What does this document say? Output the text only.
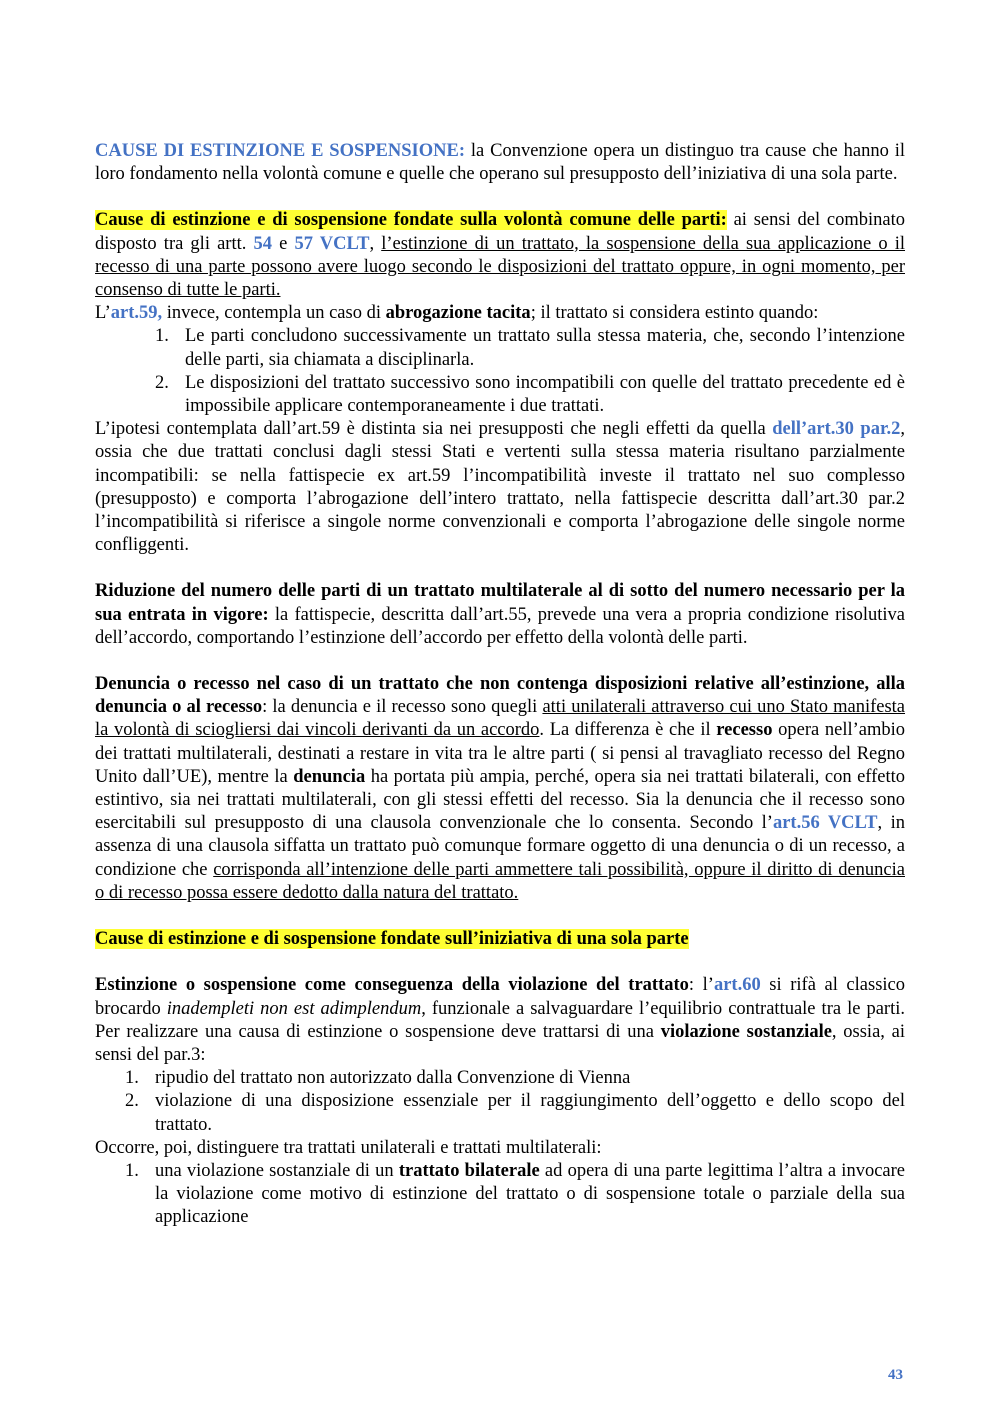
CAUSE DI ESTINZIONE E SOSPENSIONE: la Convenzione opera un distinguo tra cause che hanno il loro fondamento nella volontà comune e quelle che operano sul presupposto dell’iniziativa di una sola parte.

Cause di estinzione e di sospensione fondate sulla volontà comune delle parti: ai sensi del combinato disposto tra gli artt. 54 e 57 VCLT, l’estinzione di un trattato, la sospensione della sua applicazione o il recesso di una parte possono avere luogo secondo le disposizioni del trattato oppure, in ogni momento, per consenso di tutte le parti.

L’art.59, invece, contempla un caso di abrogazione tacita; il trattato si considera estinto quando:

1. Le parti concludono successivamente un trattato sulla stessa materia, che, secondo l’intenzione delle parti, sia chiamata a disciplinarla.
2. Le disposizioni del trattato successivo sono incompatibili con quelle del trattato precedente ed è impossibile applicare contemporaneamente i due trattati.

L’ipotesi contemplata dall’art.59 è distinta sia nei presupposti che negli effetti da quella dell’art.30 par.2, ossia che due trattati conclusi dagli stessi Stati e vertenti sulla stessa materia risultano parzialmente incompatibili: se nella fattispecie ex art.59 l’incompatibilità investe il trattato nel suo complesso (presupposto) e comporta l’abrogazione dell’intero trattato, nella fattispecie descritta dall’art.30 par.2 l’incompatibilità si riferisce a singole norme convenzionali e comporta l’abrogazione delle singole norme confliggenti.

Riduzione del numero delle parti di un trattato multilaterale al di sotto del numero necessario per la sua entrata in vigore: la fattispecie, descritta dall’art.55, prevede una vera a propria condizione risolutiva dell’accordo, comportando l’estinzione dell’accordo per effetto della volontà delle parti.

Denuncia o recesso nel caso di un trattato che non contenga disposizioni relative all’estinzione, alla denuncia o al recesso: la denuncia e il recesso sono quegli atti unilaterali attraverso cui uno Stato manifesta la volontà di sciogliersi dai vincoli derivanti da un accordo. La differenza è che il recesso opera nell’ambio dei trattati multilaterali, destinati a restare in vita tra le altre parti ( si pensi al travagliato recesso del Regno Unito dall’UE), mentre la denuncia ha portata più ampia, perché, opera sia nei trattati bilaterali, con effetto estintivo, sia nei trattati multilaterali, con gli stessi effetti del recesso. Sia la denuncia che il recesso sono esercitabili sul presupposto di una clausola convenzionale che lo consenta. Secondo l’art.56 VCLT, in assenza di una clausola siffatta un trattato può comunque formare oggetto di una denuncia o di un recesso, a condizione che corrisponda all’intenzione delle parti ammettere tali possibilità, oppure il diritto di denuncia o di recesso possa essere dedotto dalla natura del trattato.

Cause di estinzione e di sospensione fondate sull’iniziativa di una sola parte

Estinzione o sospensione come conseguenza della violazione del trattato: l’art.60 si rifà al classico brocardo inadempleti non est adimplendum, funzionale a salvaguardare l’equilibrio contrattuale tra le parti. Per realizzare una causa di estinzione o sospensione deve trattarsi di una violazione sostanziale, ossia, ai sensi del par.3:

1. ripudio del trattato non autorizzato dalla Convenzione di Vienna
2. violazione di una disposizione essenziale per il raggiungimento dell’oggetto e dello scopo del trattato.

Occorre, poi, distinguere tra trattati unilaterali e trattati multilaterali:

1. una violazione sostanziale di un trattato bilaterale ad opera di una parte legittima l’altra a invocare la violazione come motivo di estinzione del trattato o di sospensione totale o parziale della sua applicazione
43
